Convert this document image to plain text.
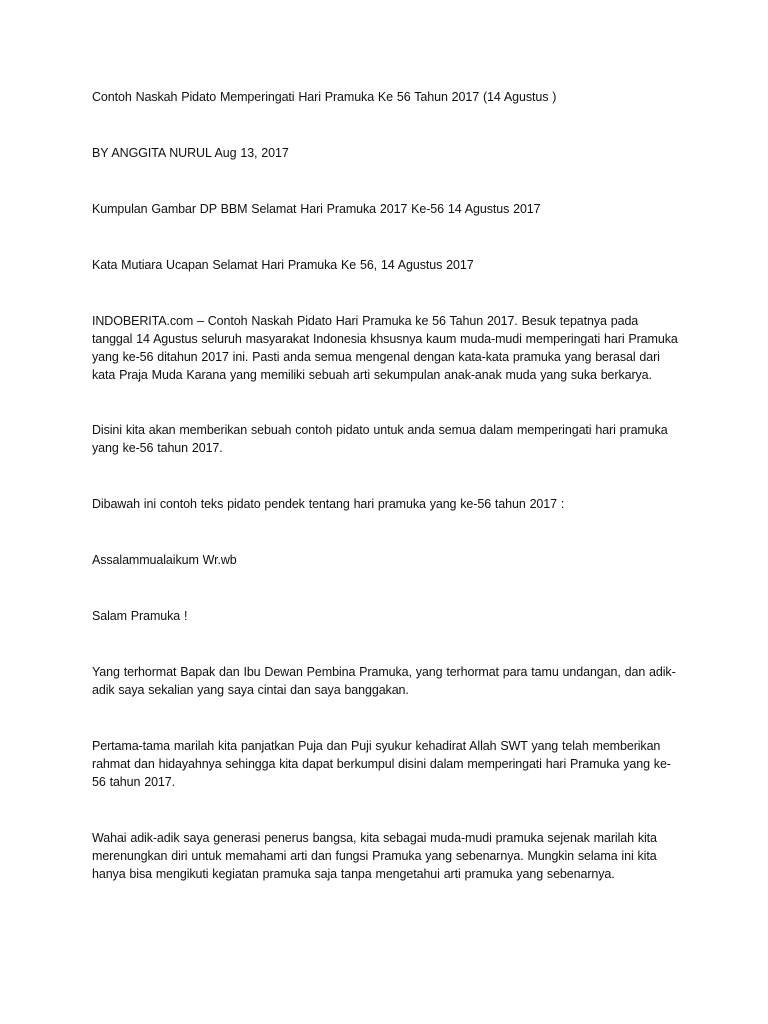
Contoh Naskah Pidato Memperingati Hari Pramuka Ke 56 Tahun 2017 (14 Agustus )

BY ANGGITA NURUL Aug 13, 2017

Kumpulan Gambar DP BBM Selamat Hari Pramuka 2017 Ke-56 14 Agustus 2017

Kata Mutiara Ucapan Selamat Hari Pramuka Ke 56, 14 Agustus 2017

INDOBERITA.com – Contoh Naskah Pidato Hari Pramuka ke 56 Tahun 2017. Besuk tepatnya pada tanggal 14 Agustus seluruh masyarakat Indonesia khsusnya kaum muda-mudi memperingati hari Pramuka yang ke-56 ditahun 2017 ini. Pasti anda semua mengenal dengan kata-kata pramuka yang berasal dari kata Praja Muda Karana yang memiliki sebuah arti sekumpulan anak-anak muda yang suka berkarya.

Disini kita akan memberikan sebuah contoh pidato untuk anda semua dalam memperingati hari pramuka yang ke-56 tahun 2017.

Dibawah ini contoh teks pidato pendek tentang hari pramuka yang ke-56 tahun 2017 :

Assalammualaikum Wr.wb

Salam Pramuka !

Yang terhormat Bapak dan Ibu Dewan Pembina Pramuka, yang terhormat para tamu undangan, dan adik-adik saya sekalian yang saya cintai dan saya banggakan.

Pertama-tama marilah kita panjatkan Puja dan Puji syukur kehadirat Allah SWT yang telah memberikan rahmat dan hidayahnya sehingga kita dapat berkumpul disini dalam memperingati hari Pramuka yang ke-56 tahun 2017.

Wahai adik-adik saya generasi penerus bangsa, kita sebagai muda-mudi pramuka sejenak marilah kita merenungkan diri untuk memahami arti dan fungsi Pramuka yang sebenarnya. Mungkin selama ini kita hanya bisa mengikuti kegiatan pramuka saja tanpa mengetahui arti pramuka yang sebenarnya.
